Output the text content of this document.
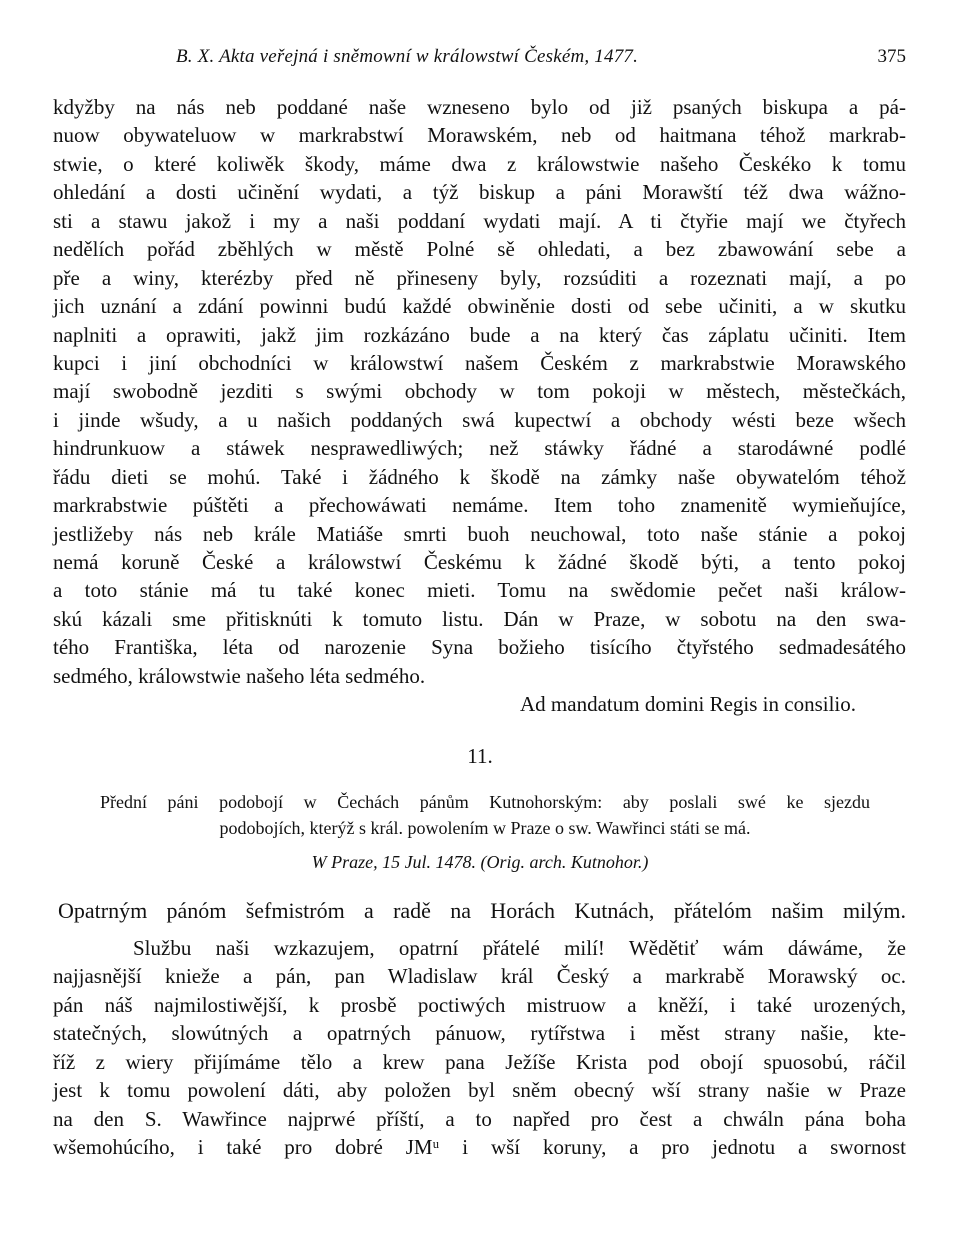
B. X. Akta veřejná i sněmowní w králowstwí Českém, 1477.	375
kdyžby na nás neb poddané naše wzneseno bylo od již psaných biskupa a pá-
nuow obywateluow w markrabstwí Morawském, neb od haitmana téhož markrab-
stwie, o které koliwěk škody, máme dwa z králowstwie našeho Českéko k tomu
ohledání a dosti učinění wydati, a týž biskup a páni Morawští též dwa wážno-
sti a stawu jakož i my a naši poddaní wydati mají. A ti čtyřie mají we čtyřech
nedělích pořád zběhlých w městě Polné sě ohledati, a bez zbawowání sebe a
pře a winy, kterézby před ně přineseny byly, rozsúditi a rozeznati mají, a po
jich uznání a zdání powinni budú každé obwiněnie dosti od sebe učiniti, a w skutku
naplniti a oprawiti, jakž jim rozkázáno bude a na který čas záplatu učiniti. Item
kupci i jiní obchodníci w králowstwí našem Českém z markrabstwie Morawského
mají swobodně jezditi s swými obchody w tom pokoji w městech, městečkách,
i jinde wšudy, a u našich poddaných swá kupectwí a obchody wésti beze wšech
hindrunkuow a stáwek nesprawedliwých; než stáwky řádné a starodáwné podlé
řádu dieti se mohú. Také i žádného k škodě na zámky naše obywatelóm téhož
markrabstwie púštěti a přechowáwati nemáme. Item toho znamenitě wymieňujíce,
jestližeby nás neb krále Matiáše smrti buoh neuchowal, toto naše stánie a pokoj
nemá koruně České a králowstwí Českému k žádné škodě býti, a tento pokoj
a toto stánie má tu také konec mieti. Tomu na swědomie pečet naši králow-
skú kázali sme přitisknúti k tomuto listu. Dán w Praze, w sobotu na den swa-
tého Františka, léta od narozenie Syna božieho tisícího čtyřstého sedmadesátého
sedmého, králowstwie našeho léta sedmého.
Ad mandatum domini Regis in consilio.
11.
Přední páni podobojí w Čechách pánům Kutnohorským: aby poslali swé ke sjezdu
podobojích, kterýž s král. powolením w Praze o sw. Wawřinci státi se má.
W Praze, 15 Jul. 1478. (Orig. arch. Kutnohor.)
Opatrným pánóm šefmistróm a radě na Horách Kutnách, přátelóm našim milým.
Službu naši wzkazujem, opatrní přátelé milí! Wědětiť wám dáwáme, že
najjasnější knieže a pán, pan Wladislaw král Český a markrabě Morawský oc.
pán náš najmilostiwější, k prosbě poctiwých mistruow a kněží, i také urozených,
statečných, slowútných a opatrných pánuow, rytířstwa i měst strany našie, kte-
říž z wiery přijímáme tělo a krew pana Ježíše Krista pod obojí spuosobú, ráčil
jest k tomu powolení dáti, aby položen byl sněm obecný wší strany našie w Praze
na den S. Wawřince najprwé příští, a to napřed pro čest a chwáln pána boha
wšemohúcího, i také pro dobré JMᵘ i wší koruny, a pro jednotu a swornost
